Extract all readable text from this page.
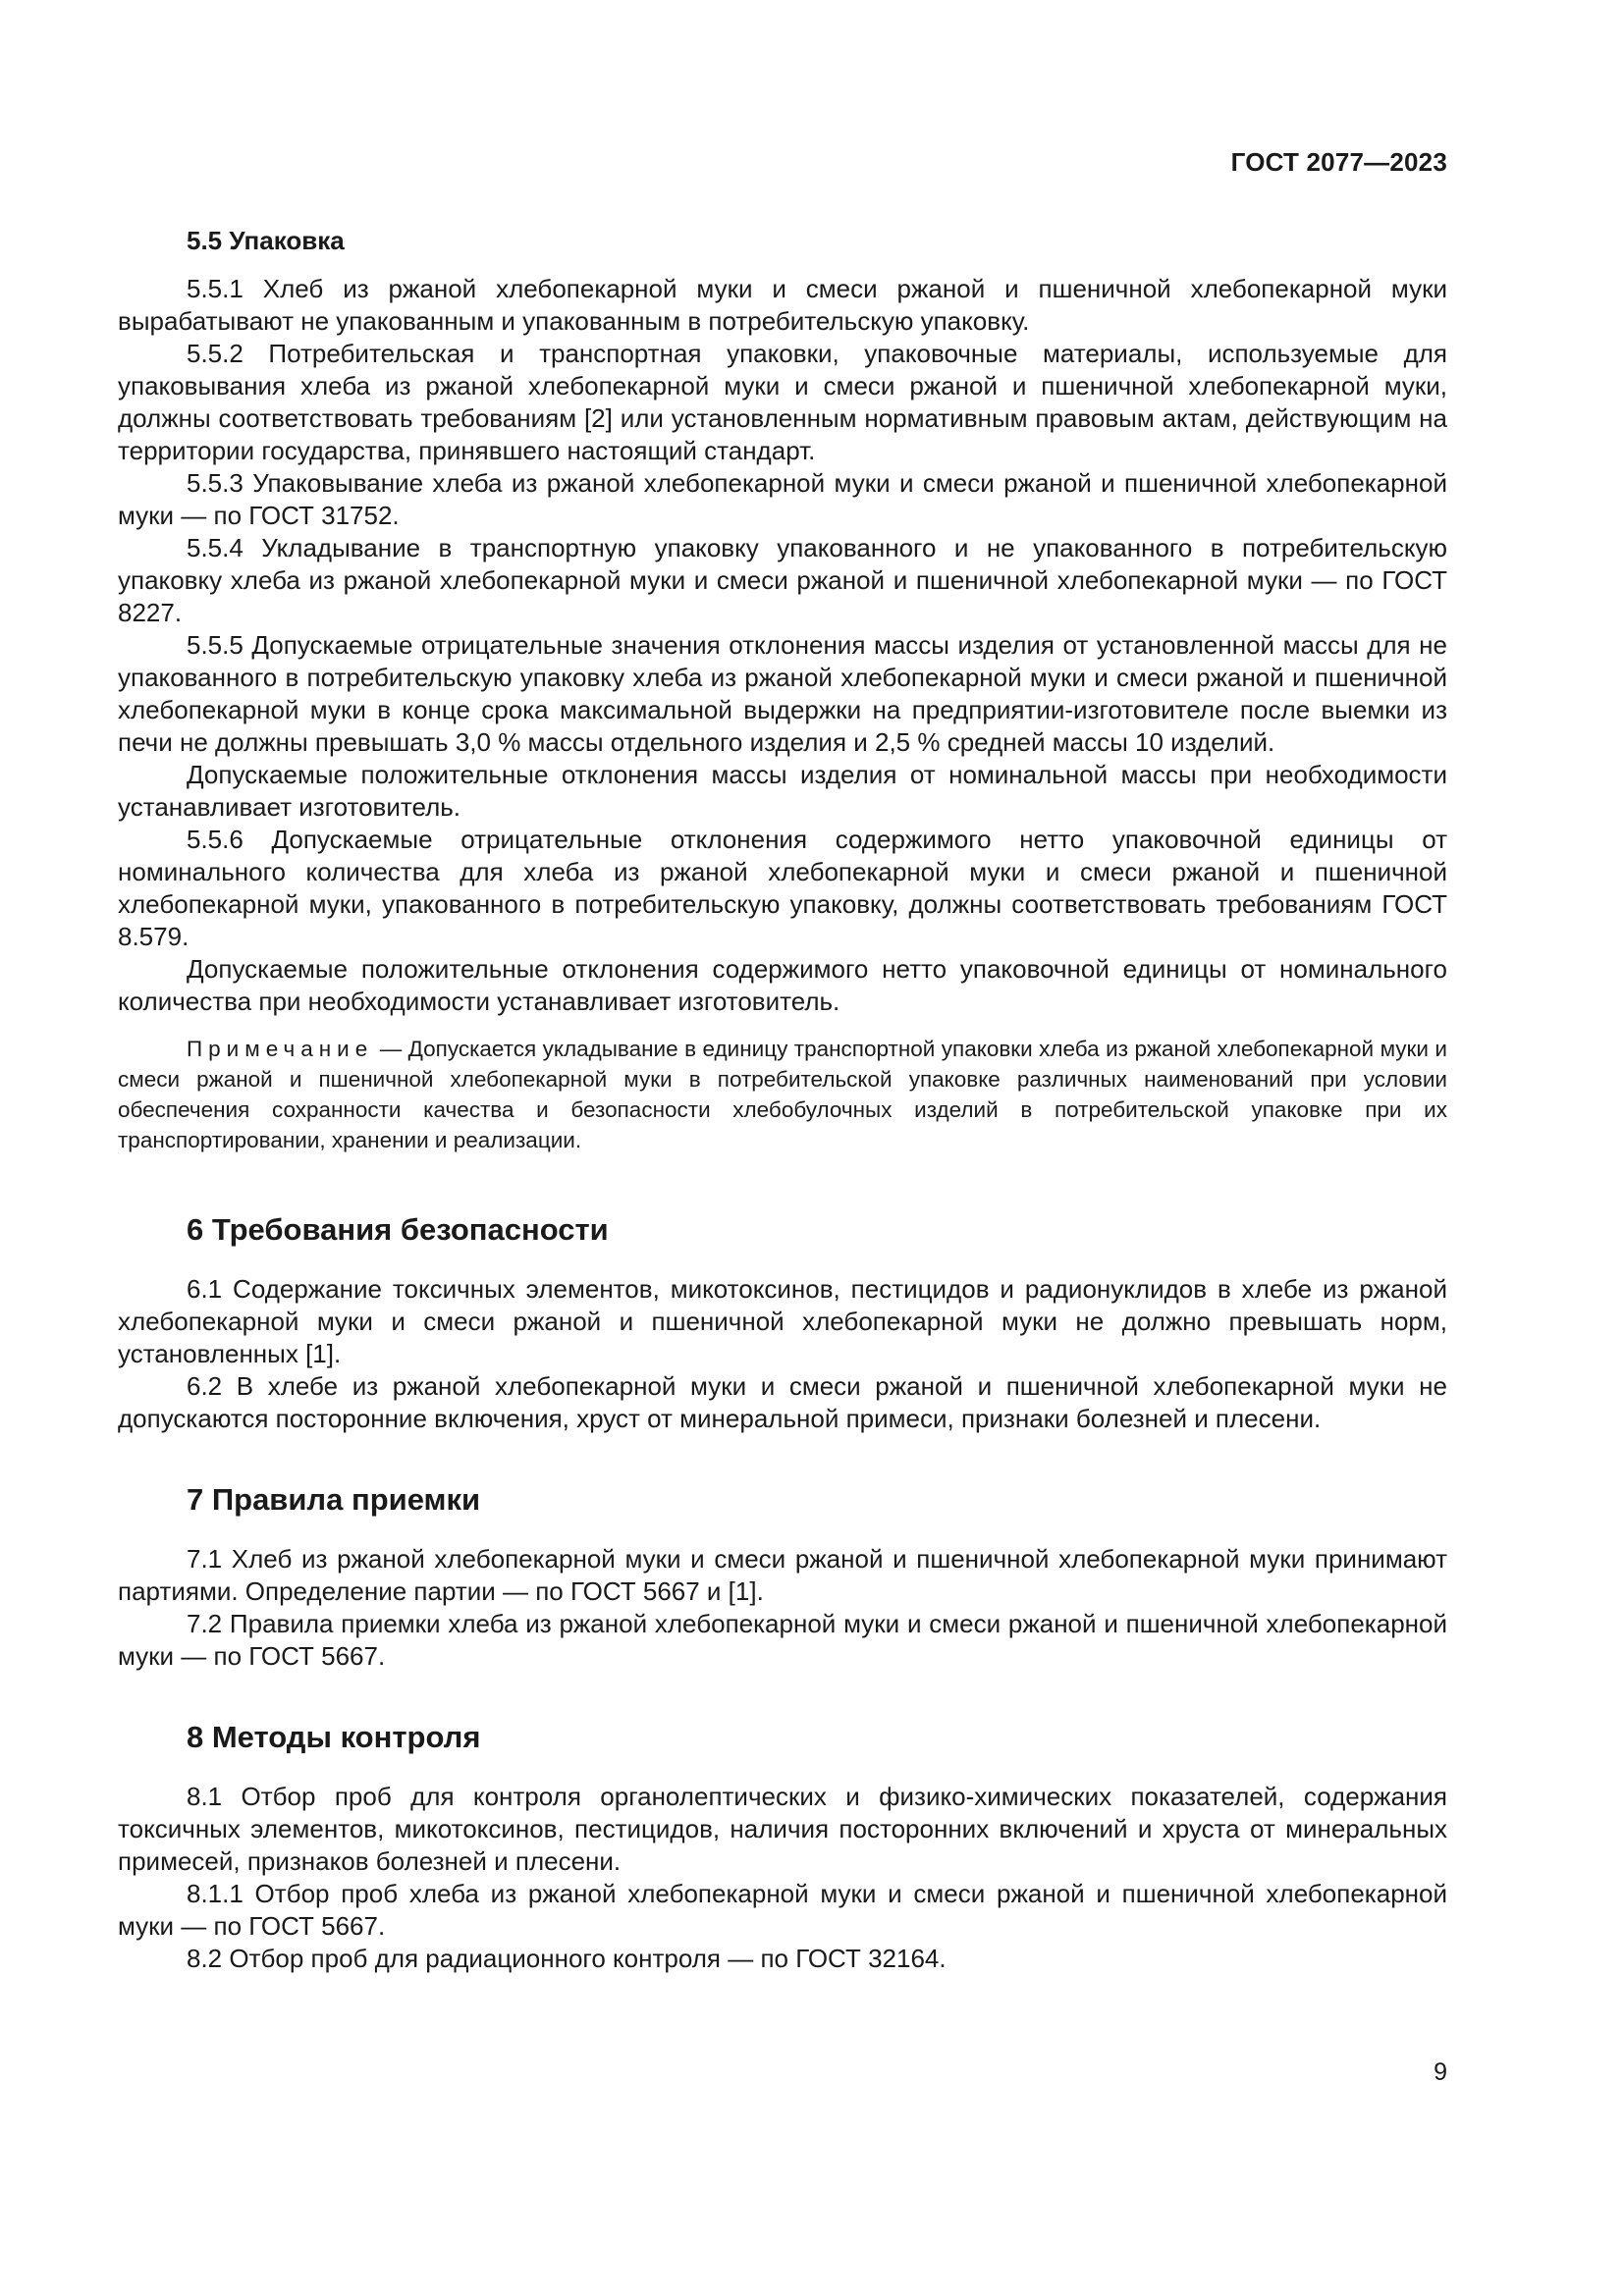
ГОСТ 2077—2023
5.5 Упаковка

5.5.1 Хлеб из ржаной хлебопекарной муки и смеси ржаной и пшеничной хлебопекарной муки вырабатывают не упакованным и упакованным в потребительскую упаковку.

5.5.2 Потребительская и транспортная упаковки, упаковочные материалы, используемые для упаковывания хлеба из ржаной хлебопекарной муки и смеси ржаной и пшеничной хлебопекарной муки, должны соответствовать требованиям [2] или установленным нормативным правовым актам, действующим на территории государства, принявшего настоящий стандарт.

5.5.3 Упаковывание хлеба из ржаной хлебопекарной муки и смеси ржаной и пшеничной хлебопекарной муки — по ГОСТ 31752.

5.5.4 Укладывание в транспортную упаковку упакованного и не упакованного в потребительскую упаковку хлеба из ржаной хлебопекарной муки и смеси ржаной и пшеничной хлебопекарной муки — по ГОСТ 8227.

5.5.5 Допускаемые отрицательные значения отклонения массы изделия от установленной массы для не упакованного в потребительскую упаковку хлеба из ржаной хлебопекарной муки и смеси ржаной и пшеничной хлебопекарной муки в конце срока максимальной выдержки на предприятии-изготовителе после выемки из печи не должны превышать 3,0 % массы отдельного изделия и 2,5 % средней массы 10 изделий.

Допускаемые положительные отклонения массы изделия от номинальной массы при необходимости устанавливает изготовитель.

5.5.6 Допускаемые отрицательные отклонения содержимого нетто упаковочной единицы от номинального количества для хлеба из ржаной хлебопекарной муки и смеси ржаной и пшеничной хлебопекарной муки, упакованного в потребительскую упаковку, должны соответствовать требованиям ГОСТ 8.579.

Допускаемые положительные отклонения содержимого нетто упаковочной единицы от номинального количества при необходимости устанавливает изготовитель.

Примечание — Допускается укладывание в единицу транспортной упаковки хлеба из ржаной хлебопекарной муки и смеси ржаной и пшеничной хлебопекарной муки в потребительской упаковке различных наименований при условии обеспечения сохранности качества и безопасности хлебобулочных изделий в потребительской упаковке при их транспортировании, хранении и реализации.

6 Требования безопасности

6.1 Содержание токсичных элементов, микотоксинов, пестицидов и радионуклидов в хлебе из ржаной хлебопекарной муки и смеси ржаной и пшеничной хлебопекарной муки не должно превышать норм, установленных [1].

6.2 В хлебе из ржаной хлебопекарной муки и смеси ржаной и пшеничной хлебопекарной муки не допускаются посторонние включения, хруст от минеральной примеси, признаки болезней и плесени.

7 Правила приемки

7.1 Хлеб из ржаной хлебопекарной муки и смеси ржаной и пшеничной хлебопекарной муки принимают партиями. Определение партии — по ГОСТ 5667 и [1].

7.2 Правила приемки хлеба из ржаной хлебопекарной муки и смеси ржаной и пшеничной хлебопекарной муки — по ГОСТ 5667.

8 Методы контроля

8.1 Отбор проб для контроля органолептических и физико-химических показателей, содержания токсичных элементов, микотоксинов, пестицидов, наличия посторонних включений и хруста от минеральных примесей, признаков болезней и плесени.

8.1.1 Отбор проб хлеба из ржаной хлебопекарной муки и смеси ржаной и пшеничной хлебопекарной муки — по ГОСТ 5667.

8.2 Отбор проб для радиационного контроля — по ГОСТ 32164.

9
